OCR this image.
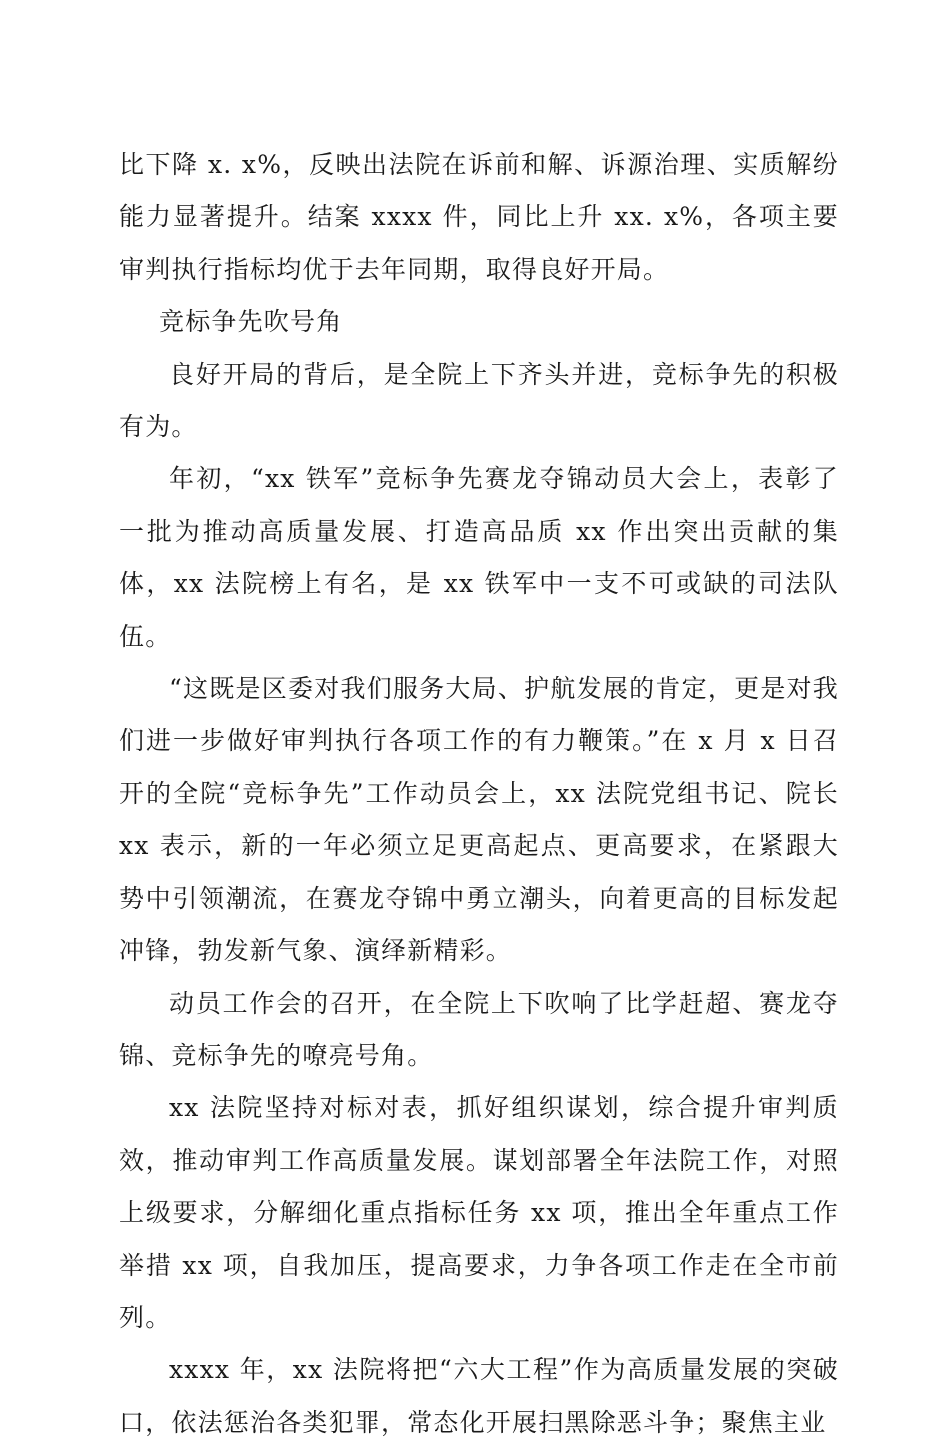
比下降 x. x%，反映出法院在诉前和解、诉源治理、实质解纷能力显著提升。结案 xxxx 件，同比上升 xx. x%，各项主要审判执行指标均优于去年同期，取得良好开局。

竞标争先吹号角

良好开局的背后，是全院上下齐头并进，竞标争先的积极有为。

年初，“xx 铁军”竞标争先赛龙夺锦动员大会上，表彰了一批为推动高质量发展、打造高品质 xx 作出突出贡献的集体，xx 法院榜上有名，是 xx 铁军中一支不可或缺的司法队伍。

“这既是区委对我们服务大局、护航发展的肯定，更是对我们进一步做好审判执行各项工作的有力鞭策。”在 x 月 x 日召开的全院“竞标争先”工作动员会上，xx 法院党组书记、院长 xx 表示，新的一年必须立足更高起点、更高要求，在紧跟大势中引领潮流，在赛龙夺锦中勇立潮头，向着更高的目标发起冲锋，勃发新气象、演绎新精彩。

动员工作会的召开，在全院上下吹响了比学赶超、赛龙夺锦、竞标争先的嘹亮号角。

xx 法院坚持对标对表，抓好组织谋划，综合提升审判质效，推动审判工作高质量发展。谋划部署全年法院工作，对照上级要求，分解细化重点指标任务 xx 项，推出全年重点工作举措 xx 项，自我加压，提高要求，力争各项工作走在全市前列。

xxxx 年，xx 法院将把“六大工程”作为高质量发展的突破口，依法惩治各类犯罪，常态化开展扫黑除恶斗争；聚焦主业
